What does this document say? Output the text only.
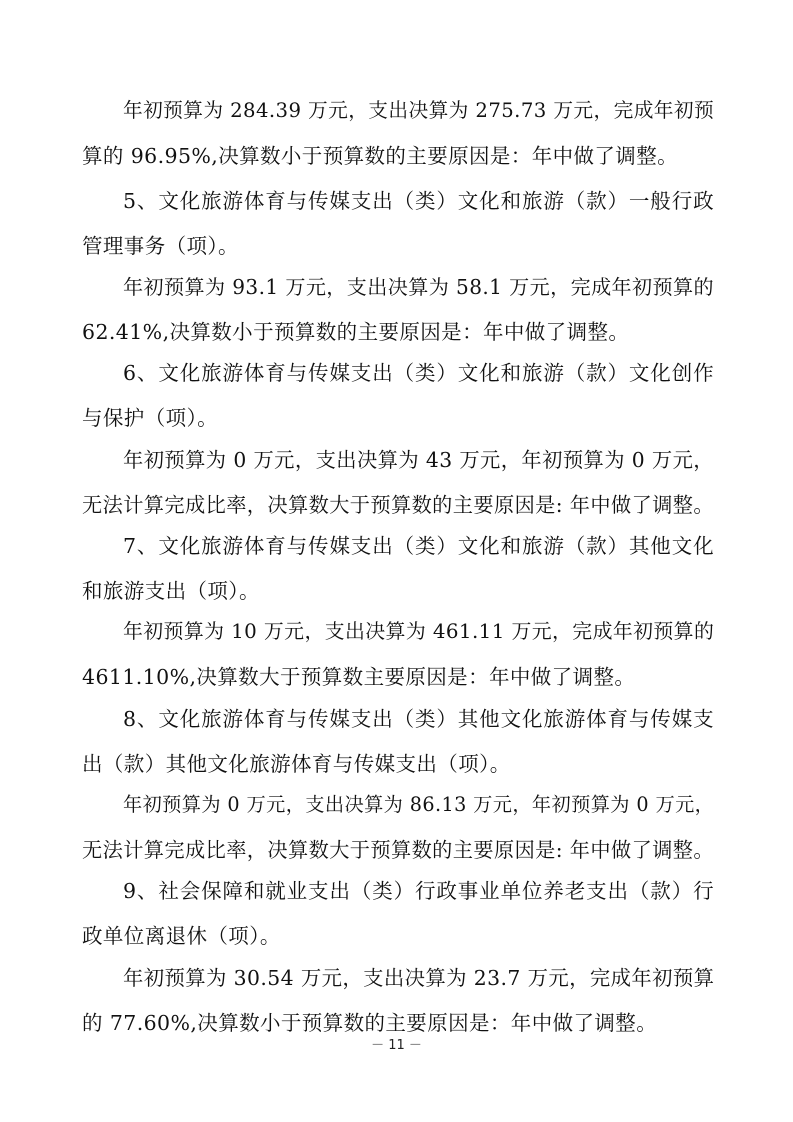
年初预算为 284.39 万元，支出决算为 275.73 万元，完成年初预
算的 96.95%,决算数小于预算数的主要原因是：年中做了调整。
5、文化旅游体育与传媒支出（类）文化和旅游（款）一般行政
管理事务（项）。
年初预算为 93.1 万元，支出决算为 58.1 万元，完成年初预算的
62.41%,决算数小于预算数的主要原因是：年中做了调整。
6、文化旅游体育与传媒支出（类）文化和旅游（款）文化创作
与保护（项）。
年初预算为 0 万元，支出决算为 43 万元，年初预算为 0 万元，
无法计算完成比率，决算数大于预算数的主要原因是: 年中做了调整。
7、文化旅游体育与传媒支出（类）文化和旅游（款）其他文化
和旅游支出（项）。
年初预算为 10 万元，支出决算为 461.11 万元，完成年初预算的
4611.10%,决算数大于预算数主要原因是：年中做了调整。
8、文化旅游体育与传媒支出（类）其他文化旅游体育与传媒支
出（款）其他文化旅游体育与传媒支出（项）。
年初预算为 0 万元，支出决算为 86.13 万元，年初预算为 0 万元，
无法计算完成比率，决算数大于预算数的主要原因是: 年中做了调整。
9、社会保障和就业支出（类）行政事业单位养老支出（款）行
政单位离退休（项）。
年初预算为 30.54 万元，支出决算为 23.7 万元，完成年初预算
的 77.60%,决算数小于预算数的主要原因是：年中做了调整。
－ 11 －
